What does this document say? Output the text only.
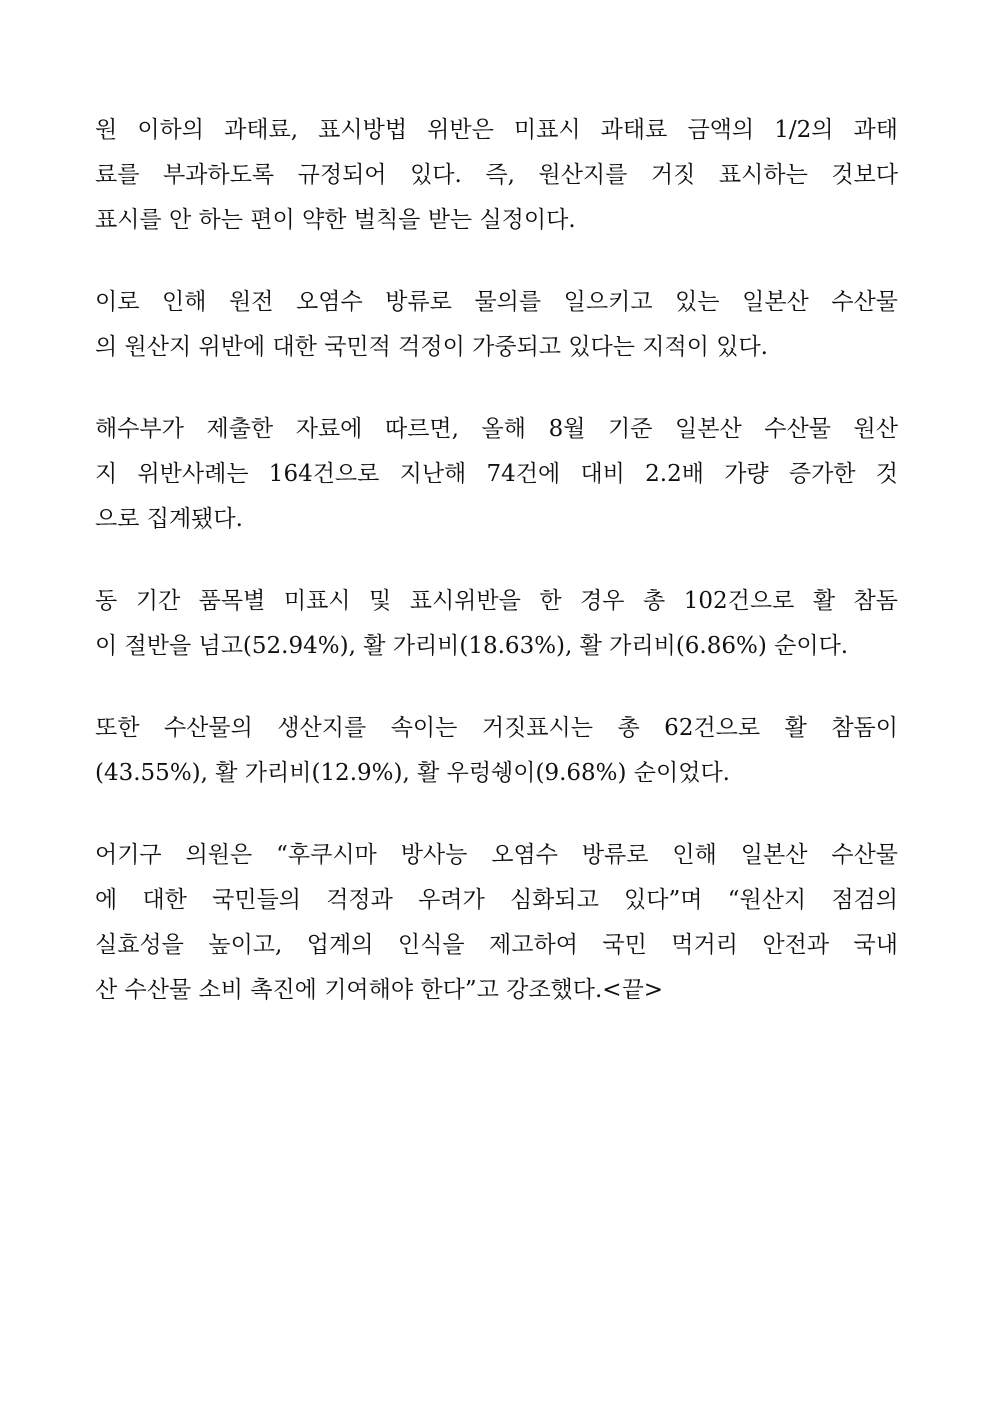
원 이하의 과태료, 표시방법 위반은 미표시 과태료 금액의 1/2의 과태
료를 부과하도록 규정되어 있다. 즉, 원산지를 거짓 표시하는 것보다
표시를 안 하는 편이 약한 벌칙을 받는 실정이다.

이로 인해 원전 오염수 방류로 물의를 일으키고 있는 일본산 수산물
의 원산지 위반에 대한 국민적 걱정이 가중되고 있다는 지적이 있다.

해수부가 제출한 자료에 따르면, 올해 8월 기준 일본산 수산물 원산
지 위반사례는 164건으로 지난해 74건에 대비 2.2배 가량 증가한 것
으로 집계됐다.

동 기간 품목별 미표시 및 표시위반을 한 경우 총 102건으로 활 참돔
이 절반을 넘고(52.94%), 활 가리비(18.63%), 활 가리비(6.86%) 순이다.

또한 수산물의 생산지를 속이는 거짓표시는 총 62건으로 활 참돔이
(43.55%), 활 가리비(12.9%), 활 우렁쉥이(9.68%) 순이었다.

어기구 의원은 “후쿠시마 방사능 오염수 방류로 인해 일본산 수산물
에 대한 국민들의 걱정과 우려가 심화되고 있다”며 “원산지 점검의
실효성을 높이고, 업계의 인식을 제고하여 국민 먹거리 안전과 국내
산 수산물 소비 촉진에 기여해야 한다”고 강조했다.<끝>
